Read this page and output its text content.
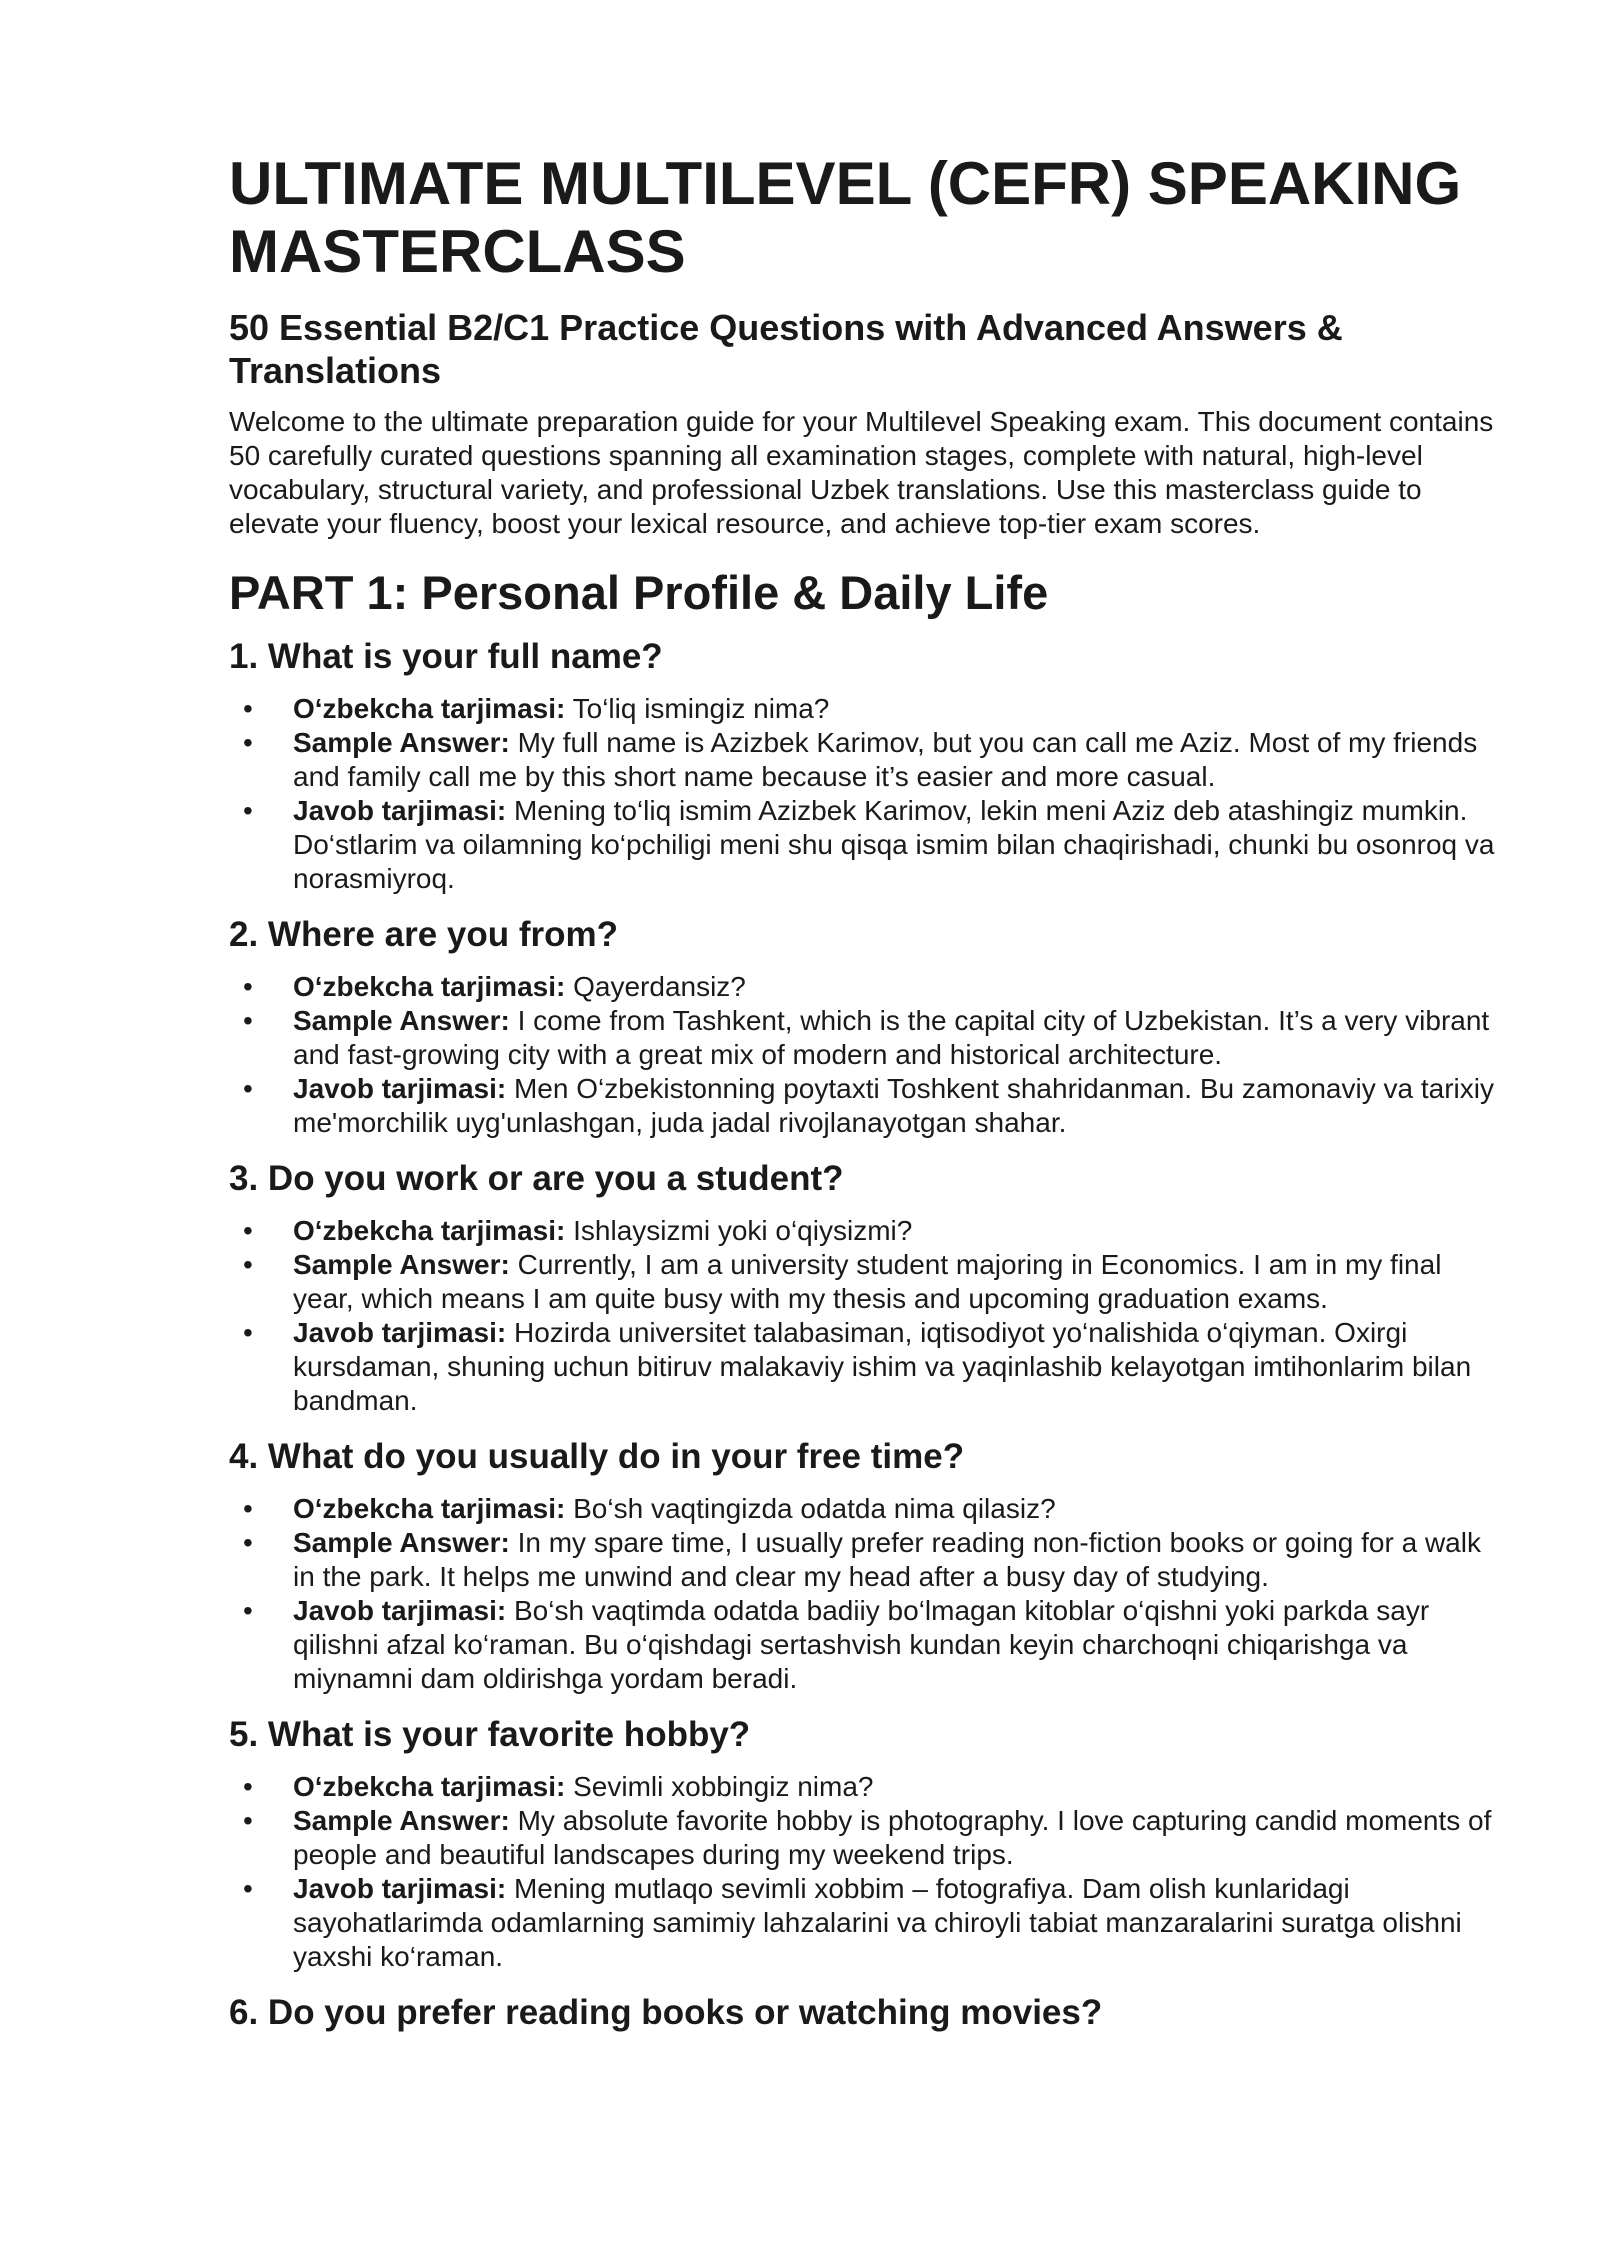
ULTIMATE MULTILEVEL (CEFR) SPEAKING MASTERCLASS
50 Essential B2/C1 Practice Questions with Advanced Answers & Translations

Welcome to the ultimate preparation guide for your Multilevel Speaking exam. This document contains 50 carefully curated questions spanning all examination stages, complete with natural, high-level vocabulary, structural variety, and professional Uzbek translations. Use this masterclass guide to elevate your fluency, boost your lexical resource, and achieve top-tier exam scores.

PART 1: Personal Profile & Daily Life
1. What is your full name?
• O‘zbekcha tarjimasi: To‘liq ismingiz nima?
• Sample Answer: My full name is Azizbek Karimov, but you can call me Aziz. Most of my friends and family call me by this short name because it’s easier and more casual.
• Javob tarjimasi: Mening to‘liq ismim Azizbek Karimov, lekin meni Aziz deb atashingiz mumkin. Do‘stlarim va oilamning ko‘pchiligi meni shu qisqa ismim bilan chaqirishadi, chunki bu osonroq va norasmiyroq.
2. Where are you from?
• O‘zbekcha tarjimasi: Qayerdansiz?
• Sample Answer: I come from Tashkent, which is the capital city of Uzbekistan. It’s a very vibrant and fast-growing city with a great mix of modern and historical architecture.
• Javob tarjimasi: Men O‘zbekistonning poytaxti Toshkent shahridanman. Bu zamonaviy va tarixiy me'morchilik uyg'unlashgan, juda jadal rivojlanayotgan shahar.
3. Do you work or are you a student?
• O‘zbekcha tarjimasi: Ishlaysizmi yoki o‘qiysizmi?
• Sample Answer: Currently, I am a university student majoring in Economics. I am in my final year, which means I am quite busy with my thesis and upcoming graduation exams.
• Javob tarjimasi: Hozirda universitet talabasiman, iqtisodiyot yo‘nalishida o‘qiyman. Oxirgi kursdaman, shuning uchun bitiruv malakaviy ishim va yaqinlashib kelayotgan imtihonlarim bilan bandman.
4. What do you usually do in your free time?
• O‘zbekcha tarjimasi: Bo‘sh vaqtingizda odatda nima qilasiz?
• Sample Answer: In my spare time, I usually prefer reading non-fiction books or going for a walk in the park. It helps me unwind and clear my head after a busy day of studying.
• Javob tarjimasi: Bo‘sh vaqtimda odatda badiiy bo‘lmagan kitoblar o‘qishni yoki parkda sayr qilishni afzal ko‘raman. Bu o‘qishdagi sertashvish kundan keyin charchoqni chiqarishga va miynamni dam oldirishga yordam beradi.
5. What is your favorite hobby?
• O‘zbekcha tarjimasi: Sevimli xobbingiz nima?
• Sample Answer: My absolute favorite hobby is photography. I love capturing candid moments of people and beautiful landscapes during my weekend trips.
• Javob tarjimasi: Mening mutlaqo sevimli xobbim – fotografiya. Dam olish kunlaridagi sayohatlarimda odamlarning samimiy lahzalarini va chiroyli tabiat manzaralarini suratga olishni yaxshi ko‘raman.
6. Do you prefer reading books or watching movies?
